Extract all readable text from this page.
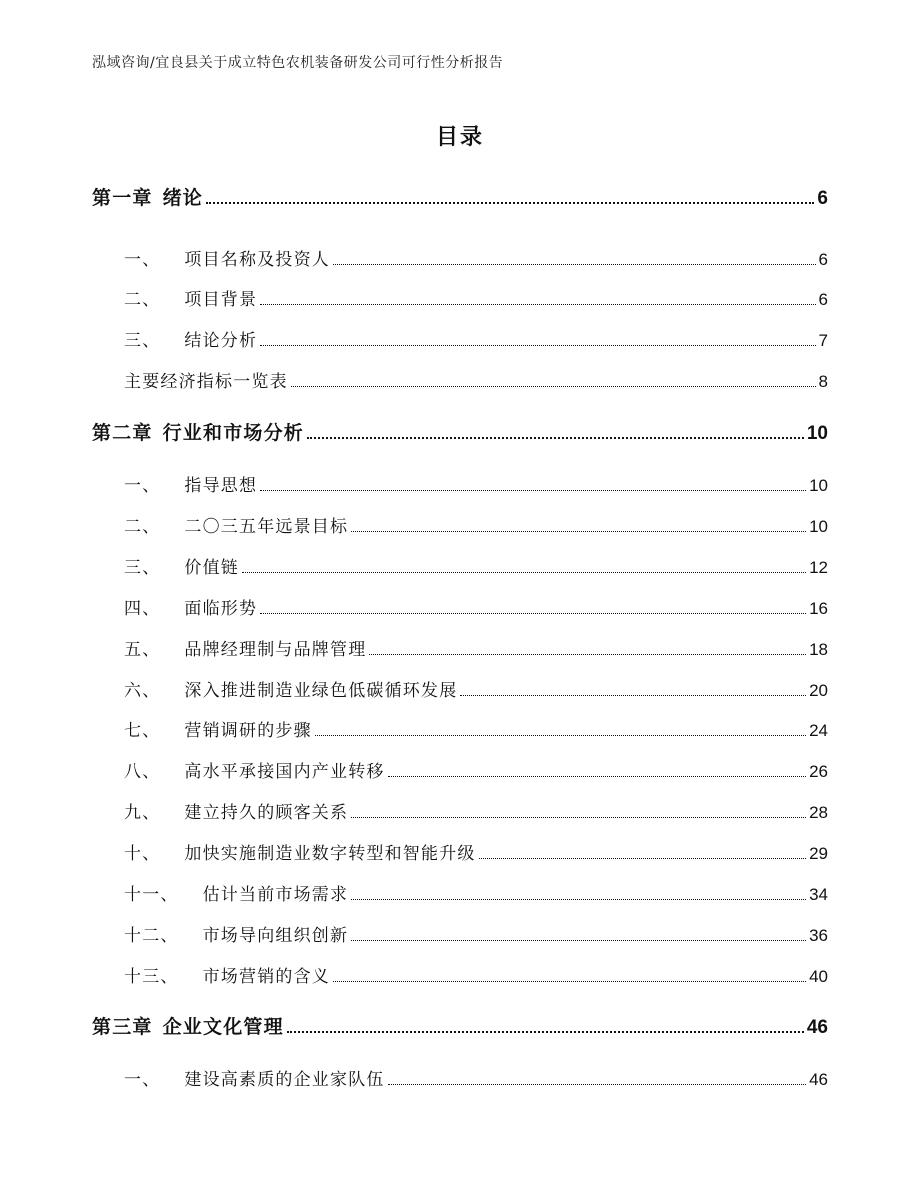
泓域咨询/宜良县关于成立特色农机装备研发公司可行性分析报告
目录
第一章 绪论	6
一、 项目名称及投资人	6
二、 项目背景	6
三、 结论分析	7
主要经济指标一览表	8
第二章 行业和市场分析	10
一、 指导思想	10
二、 二〇三五年远景目标	10
三、 价值链	12
四、 面临形势	16
五、 品牌经理制与品牌管理	18
六、 深入推进制造业绿色低碳循环发展	20
七、 营销调研的步骤	24
八、 高水平承接国内产业转移	26
九、 建立持久的顾客关系	28
十、 加快实施制造业数字转型和智能升级	29
十一、 估计当前市场需求	34
十二、 市场导向组织创新	36
十三、 市场营销的含义	40
第三章 企业文化管理	46
一、 建设高素质的企业家队伍	46
